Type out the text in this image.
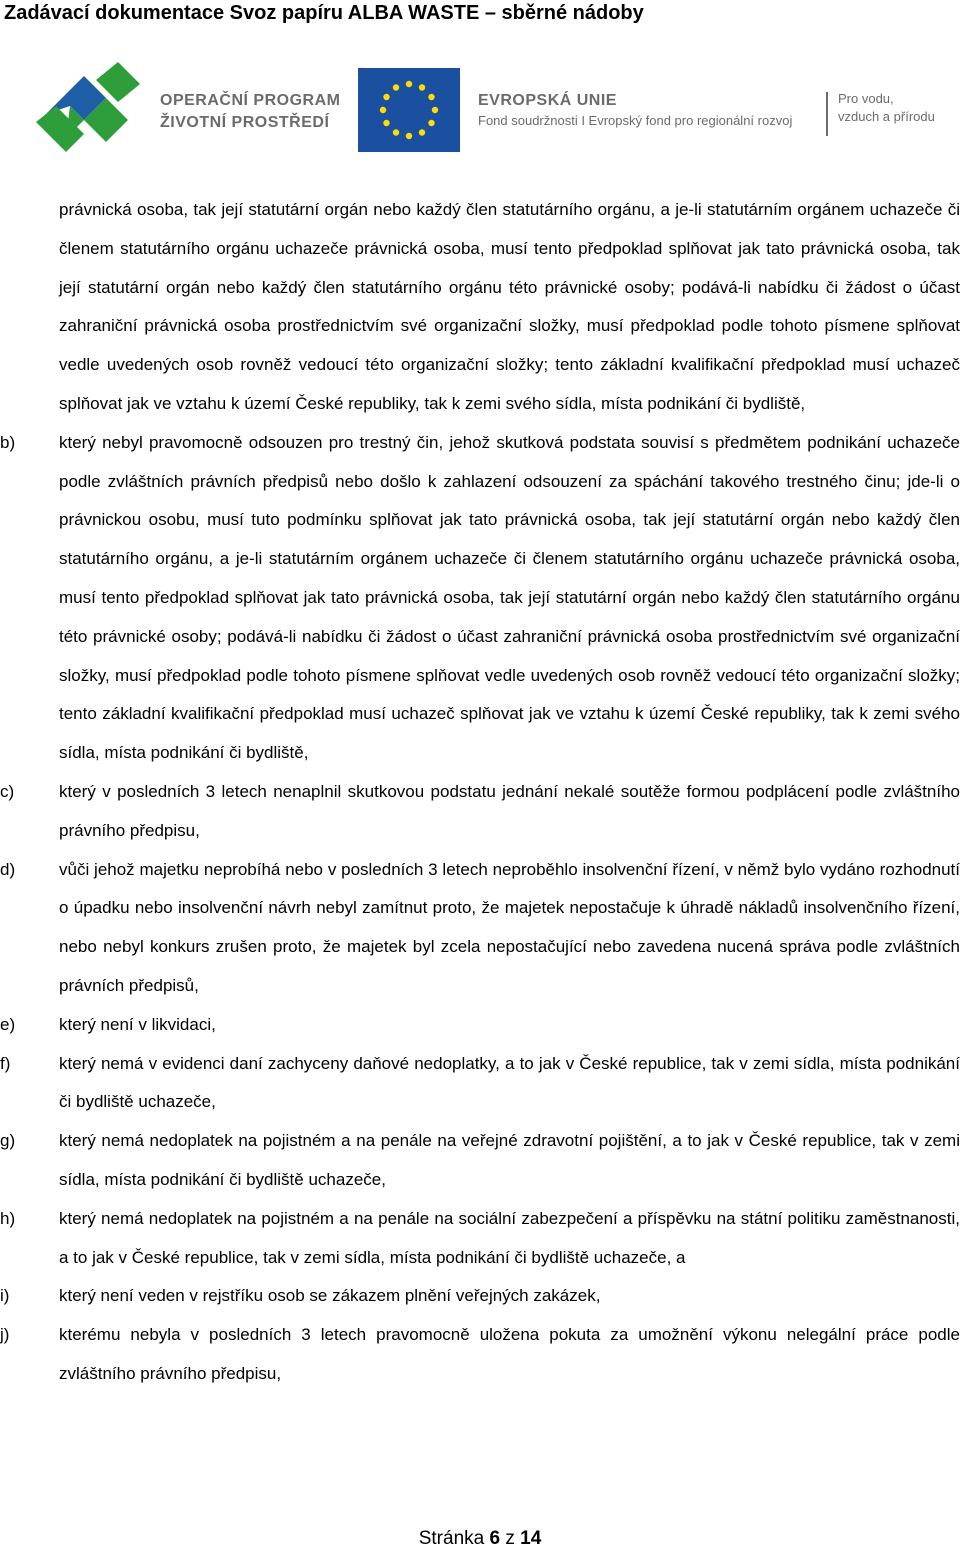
Zadávací dokumentace Svoz papíru ALBA WASTE – sběrné nádoby
OPERAČNÍ PROGRAM
ŽIVOTNÍ PROSTŘEDÍ
EVROPSKÁ UNIE
Fond soudržnosti I Evropský fond pro regionální rozvoj
Pro vodu,
vzduch a přírodu
právnická osoba, tak její statutární orgán nebo každý člen statutárního orgánu, a je-li statutárním orgánem uchazeče či členem statutárního orgánu uchazeče právnická osoba, musí tento předpoklad splňovat jak tato právnická osoba, tak její statutární orgán nebo každý člen statutárního orgánu této právnické osoby; podává-li nabídku či žádost o účast zahraniční právnická osoba prostřednictvím své organizační složky, musí předpoklad podle tohoto písmene splňovat vedle uvedených osob rovněž vedoucí této organizační složky; tento základní kvalifikační předpoklad musí uchazeč splňovat jak ve vztahu k území České republiky, tak k zemi svého sídla, místa podnikání či bydliště,
b)	který nebyl pravomocně odsouzen pro trestný čin, jehož skutková podstata souvisí s předmětem podnikání uchazeče podle zvláštních právních předpisů nebo došlo k zahlazení odsouzení za spáchání takového trestného činu; jde-li o právnickou osobu, musí tuto podmínku splňovat jak tato právnická osoba, tak její statutární orgán nebo každý člen statutárního orgánu, a je-li statutárním orgánem uchazeče či členem statutárního orgánu uchazeče právnická osoba, musí tento předpoklad splňovat jak tato právnická osoba, tak její statutární orgán nebo každý člen statutárního orgánu této právnické osoby; podává-li nabídku či žádost o účast zahraniční právnická osoba prostřednictvím své organizační složky, musí předpoklad podle tohoto písmene splňovat vedle uvedených osob rovněž vedoucí této organizační složky; tento základní kvalifikační předpoklad musí uchazeč splňovat jak ve vztahu k území České republiky, tak k zemi svého sídla, místa podnikání či bydliště,
c)	který v posledních 3 letech nenaplnil skutkovou podstatu jednání nekalé soutěže formou podplácení podle zvláštního právního předpisu,
d)	vůči jehož majetku neprobíhá nebo v posledních 3 letech neproběhlo insolvenční řízení, v němž bylo vydáno rozhodnutí o úpadku nebo insolvenční návrh nebyl zamítnut proto, že majetek nepostačuje k úhradě nákladů insolvenčního řízení, nebo nebyl konkurs zrušen proto, že majetek byl zcela nepostačující nebo zavedena nucená správa podle zvláštních právních předpisů,
e)	který není v likvidaci,
f)	který nemá v evidenci daní zachyceny daňové nedoplatky, a to jak v České republice, tak v zemi sídla, místa podnikání či bydliště uchazeče,
g)	který nemá nedoplatek na pojistném a na penále na veřejné zdravotní pojištění, a to jak v České republice, tak v zemi sídla, místa podnikání či bydliště uchazeče,
h)	který nemá nedoplatek na pojistném a na penále na sociální zabezpečení a příspěvku na státní politiku zaměstnanosti, a to jak v České republice, tak v zemi sídla, místa podnikání či bydliště uchazeče, a
i)	který není veden v rejstříku osob se zákazem plnění veřejných zakázek,
j)	kterému nebyla v posledních 3 letech pravomocně uložena pokuta za umožnění výkonu nelegální práce podle zvláštního právního předpisu,
Stránka 6 z 14
